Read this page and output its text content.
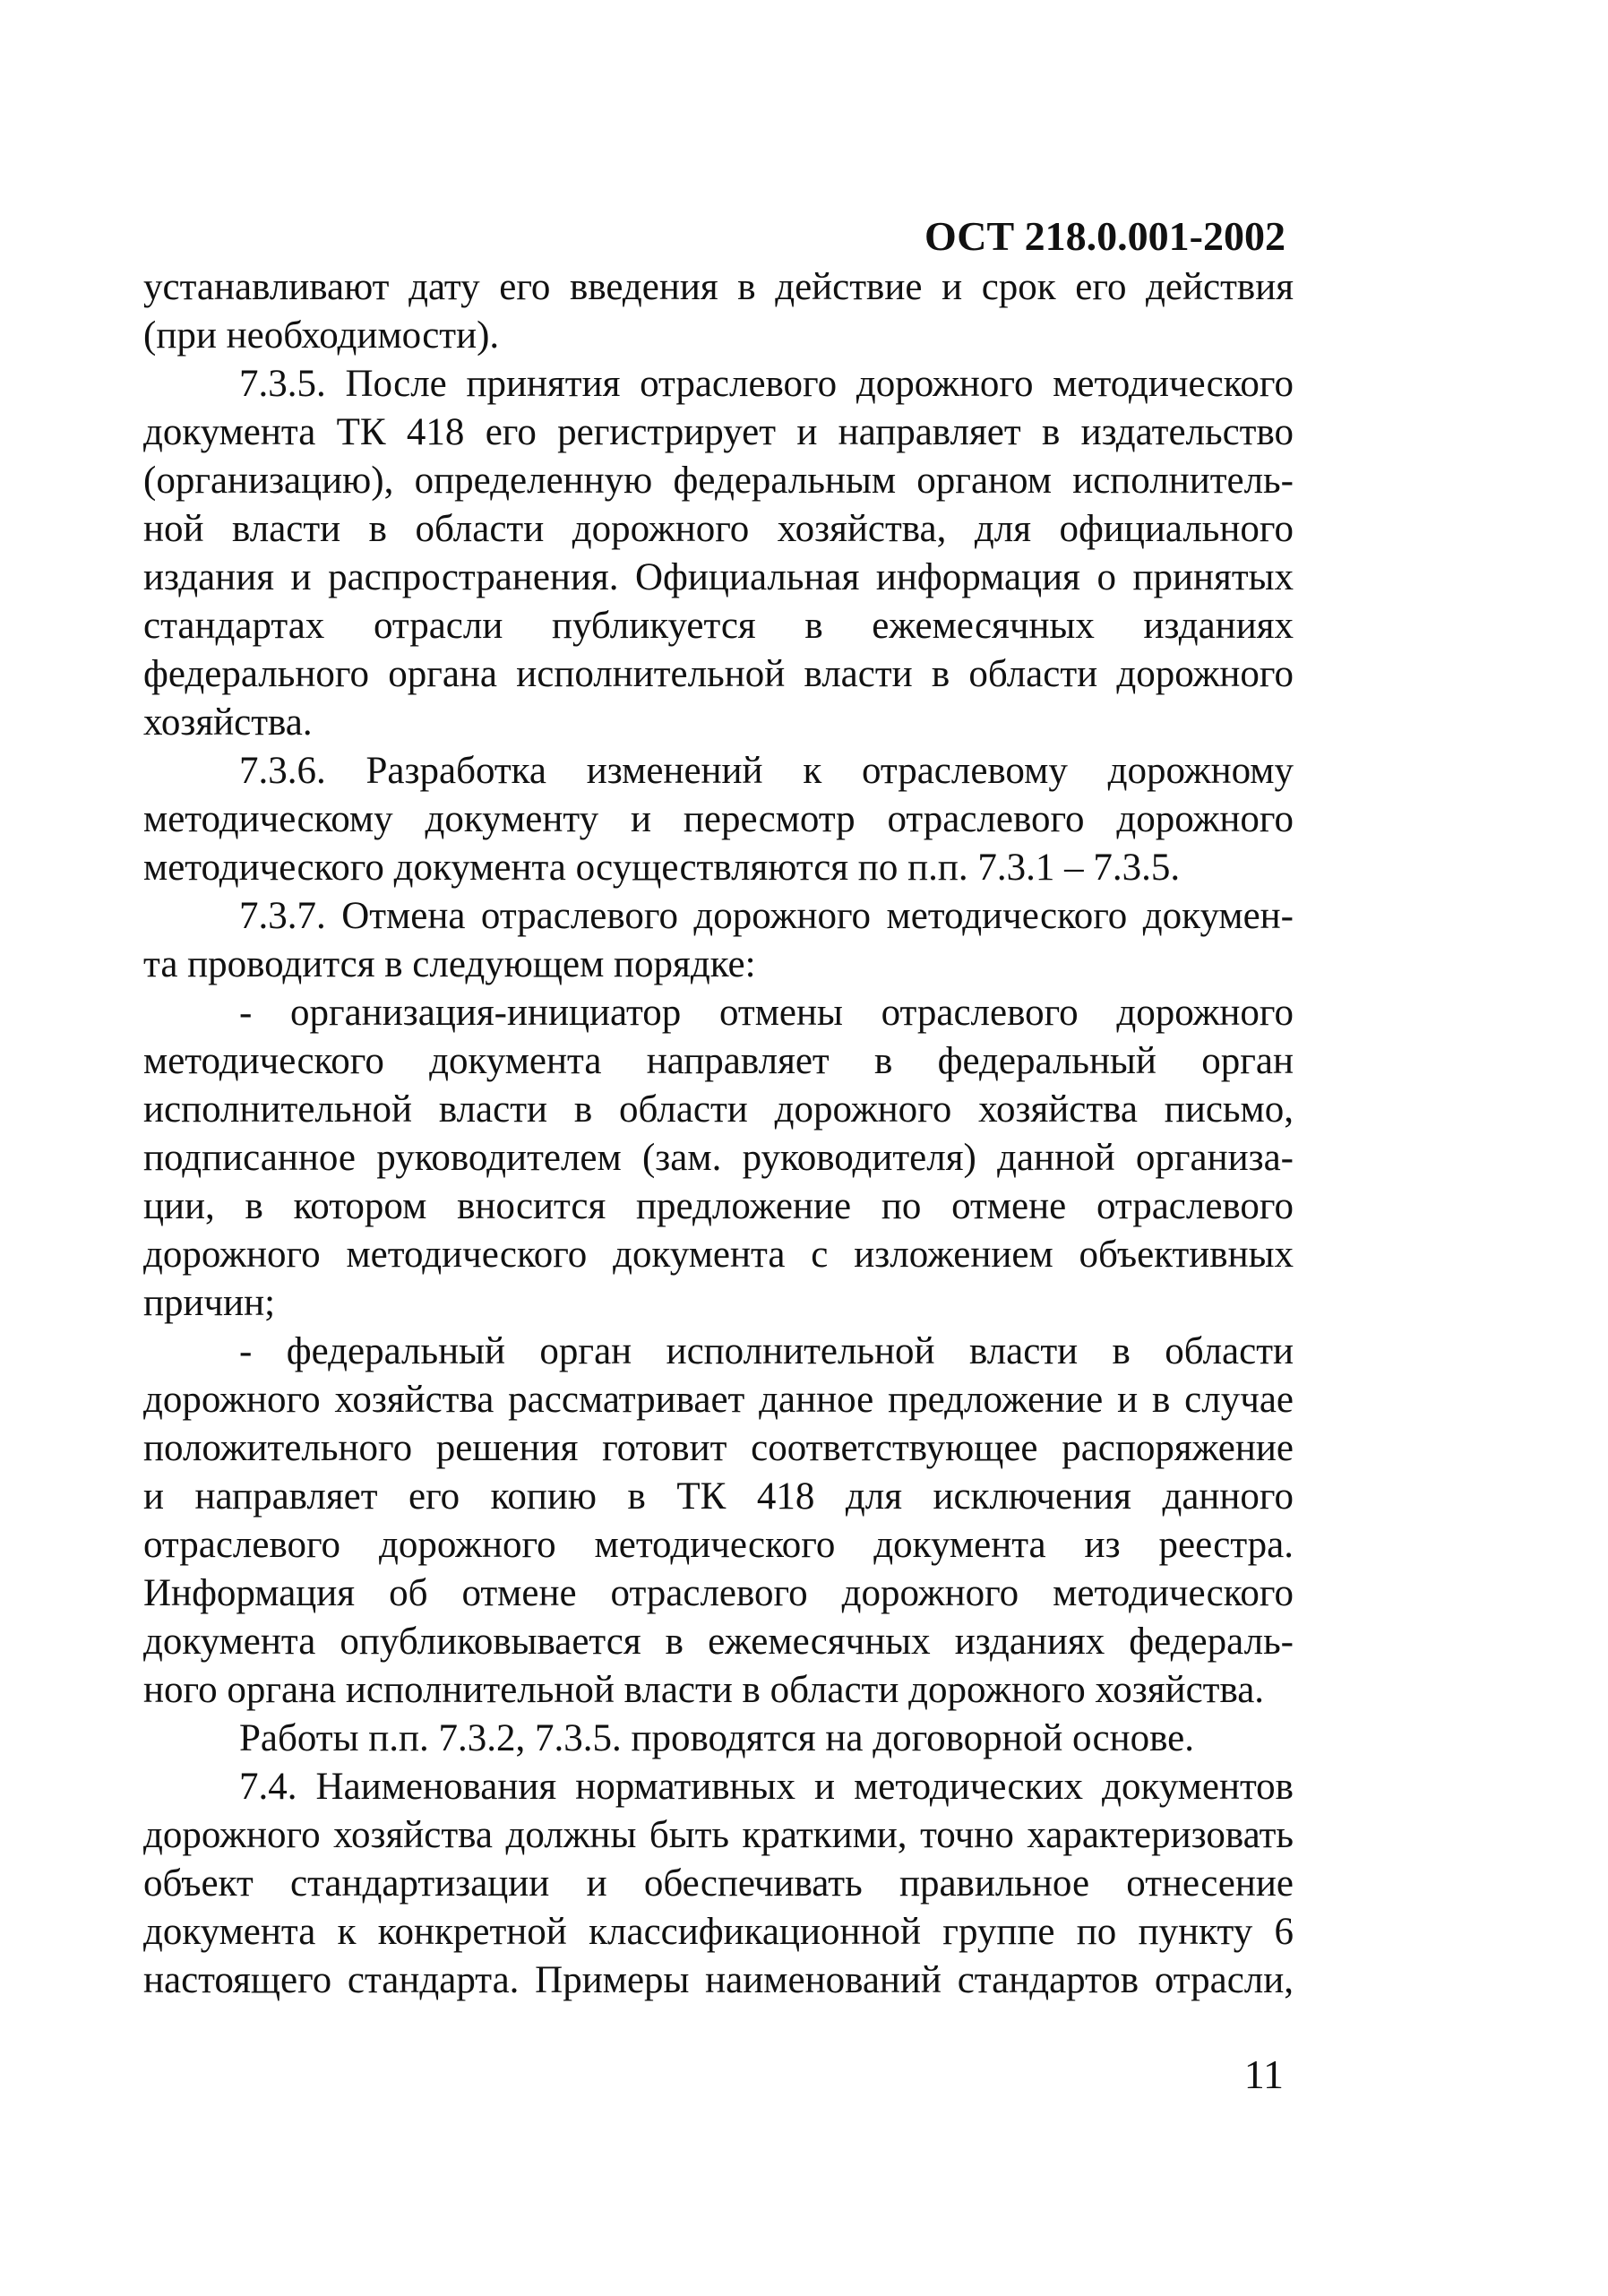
ОСТ 218.0.001-2002
устанавливают дату его введения в действие и срок его действия
(при необходимости).
7.3.5. После принятия отраслевого дорожного методического
документа ТК 418 его регистрирует и направляет в издательство
(организацию), определенную федеральным органом исполнитель-
ной власти в области дорожного хозяйства, для официального
издания и распространения. Официальная информация о принятых
стандартах отрасли публикуется в ежемесячных изданиях
федерального органа исполнительной власти в области дорожного
хозяйства.
7.3.6. Разработка изменений к отраслевому дорожному
методическому документу и пересмотр отраслевого дорожного
методического документа осуществляются по п.п. 7.3.1 – 7.3.5.
7.3.7. Отмена отраслевого дорожного методического докумен-
та проводится в следующем порядке:
- организация-инициатор отмены отраслевого дорожного
методического документа направляет в федеральный орган
исполнительной власти в области дорожного хозяйства письмо,
подписанное руководителем (зам. руководителя) данной организа-
ции, в котором вносится предложение по отмене отраслевого
дорожного методического документа с изложением объективных
причин;
- федеральный орган исполнительной власти в области
дорожного хозяйства рассматривает данное предложение и в случае
положительного решения готовит соответствующее распоряжение
и направляет его копию в ТК 418 для исключения данного
отраслевого дорожного методического документа из реестра.
Информация об отмене отраслевого дорожного методического
документа опубликовывается в ежемесячных изданиях федераль-
ного органа исполнительной власти в области дорожного хозяйства.
Работы п.п. 7.3.2, 7.3.5. проводятся на договорной основе.
7.4. Наименования нормативных и методических документов
дорожного хозяйства должны быть краткими, точно характеризовать
объект стандартизации и обеспечивать правильное отнесение
документа к конкретной классификационной группе по пункту 6
настоящего стандарта. Примеры наименований стандартов отрасли,
11
